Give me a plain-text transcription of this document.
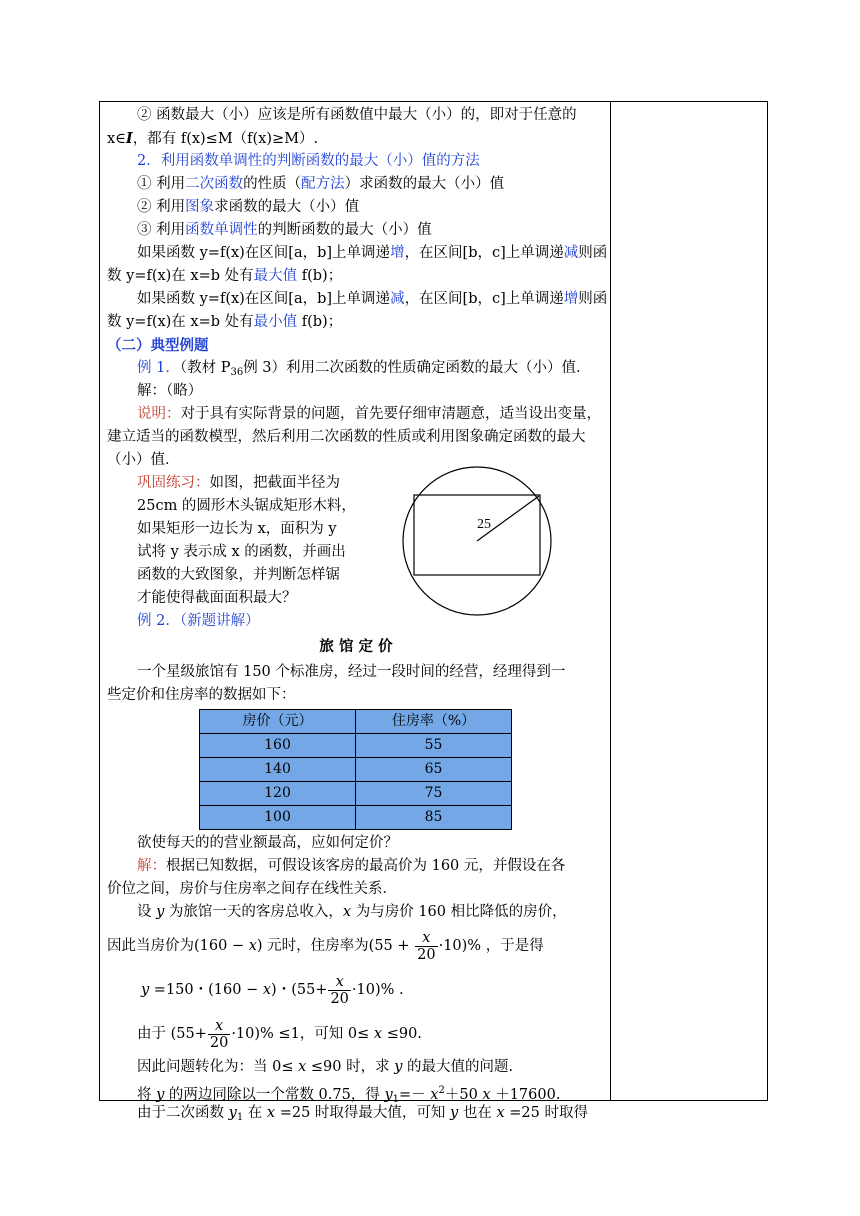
② 函数最大（小）应该是所有函数值中最大（小）的，即对于任意的
x∈I，都有 f(x)≤M（f(x)≥M）.
2．利用函数单调性的判断函数的最大（小）值的方法
① 利用二次函数的性质（配方法）求函数的最大（小）值
② 利用图象求函数的最大（小）值
③ 利用函数单调性的判断函数的最大（小）值
如果函数 y=f(x)在区间[a，b]上单调递增，在区间[b，c]上单调递减则函
数 y=f(x)在 x=b 处有最大值 f(b)；
如果函数 y=f(x)在区间[a，b]上单调递减，在区间[b，c]上单调递增则函
数 y=f(x)在 x=b 处有最小值 f(b)；
（二）典型例题
例 1．（教材 $P_{36}$例 3）利用二次函数的性质确定函数的最大（小）值．
解：（略）
说明：对于具有实际背景的问题，首先要仔细审清题意，适当设出变量，
建立适当的函数模型，然后利用二次函数的性质或利用图象确定函数的最大
（小）值．
巩固练习：如图，把截面半径为
25cm 的圆形木头锯成矩形木料，
如果矩形一边长为 x，面积为 y
试将 y 表示成 x 的函数，并画出
函数的大致图象，并判断怎样锯
才能使得截面面积最大？
25
例 2．（新题讲解）
旅 馆 定 价
一个星级旅馆有 150 个标准房，经过一段时间的经营，经理得到一
些定价和住房率的数据如下：
房价（元）	住房率（%）
160	55
140	65
120	75
100	85
欲使每天的的营业额最高，应如何定价？
解：根据已知数据，可假设该客房的最高价为 160 元，并假设在各
价位之间，房价与住房率之间存在线性关系．
设 y 为旅馆一天的客房总收入，x 为与房价 160 相比降低的房价，
因此当房价为(160 − x) 元时，住房率为$(55 + \frac{x}{20} \cdot 10)\%$ ，于是得
y =150・(160 − x)・$(55+ \frac{x}{20} \cdot 10)\%$ .
由于 $(55+ \frac{x}{20} \cdot 10)\% \le 1$，可知 0≤ x ≤90.
因此问题转化为：当 0≤ x ≤90 时，求 y 的最大值的问题.
将 y 的两边同除以一个常数 0.75，得 $y_1=- x^2+50$ x ＋17600.
由于二次函数 $y_1$ 在 x =25 时取得最大值，可知 y 也在 x =25 时取得
